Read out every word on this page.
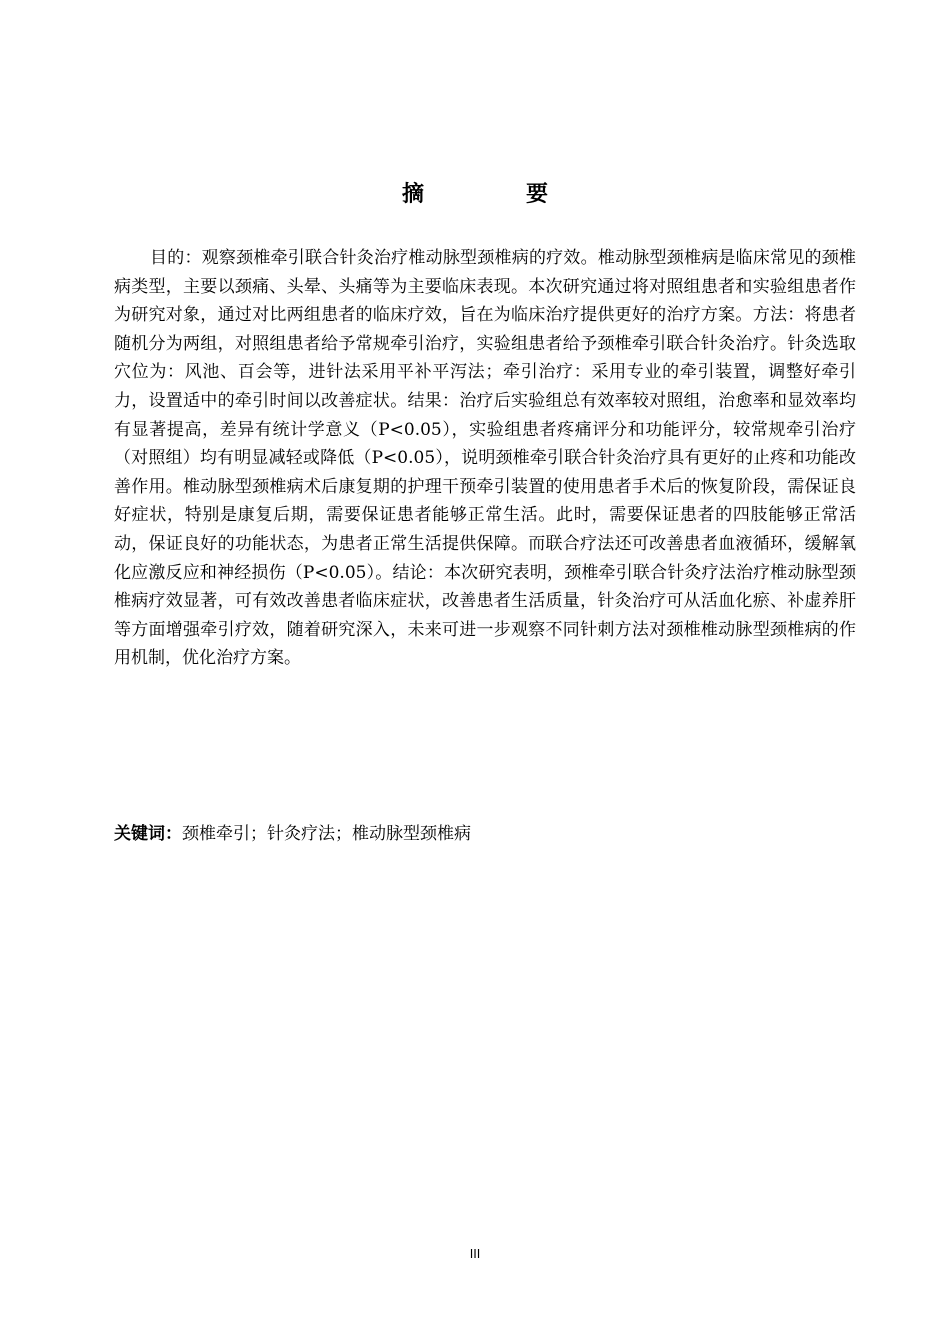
摘　要

目的：观察颈椎牵引联合针灸治疗椎动脉型颈椎病的疗效。椎动脉型颈椎病是临床常见的颈椎病类型，主要以颈痛、头晕、头痛等为主要临床表现。本次研究通过将对照组患者和实验组患者作为研究对象，通过对比两组患者的临床疗效，旨在为临床治疗提供更好的治疗方案。方法：将患者随机分为两组，对照组患者给予常规牵引治疗，实验组患者给予颈椎牵引联合针灸治疗。针灸选取穴位为：风池、百会等，进针法采用平补平泻法；牵引治疗：采用专业的牵引装置，调整好牵引力，设置适中的牵引时间以改善症状。结果：治疗后实验组总有效率较对照组，治愈率和显效率均有显著提高，差异有统计学意义（P<0.05），实验组患者疼痛评分和功能评分，较常规牵引治疗（对照组）均有明显减轻或降低（P<0.05），说明颈椎牵引联合针灸治疗具有更好的止疼和功能改善作用。椎动脉型颈椎病术后康复期的护理干预牵引装置的使用患者手术后的恢复阶段，需保证良好症状，特别是康复后期，需要保证患者能够正常生活。此时，需要保证患者的四肢能够正常活动，保证良好的功能状态，为患者正常生活提供保障。而联合疗法还可改善患者血液循环，缓解氧化应激反应和神经损伤（P<0.05）。结论：本次研究表明，颈椎牵引联合针灸疗法治疗椎动脉型颈椎病疗效显著，可有效改善患者临床症状，改善患者生活质量，针灸治疗可从活血化瘀、补虚养肝等方面增强牵引疗效，随着研究深入，未来可进一步观察不同针刺方法对颈椎椎动脉型颈椎病的作用机制，优化治疗方案。

关键词：颈椎牵引；针灸疗法；椎动脉型颈椎病

III
